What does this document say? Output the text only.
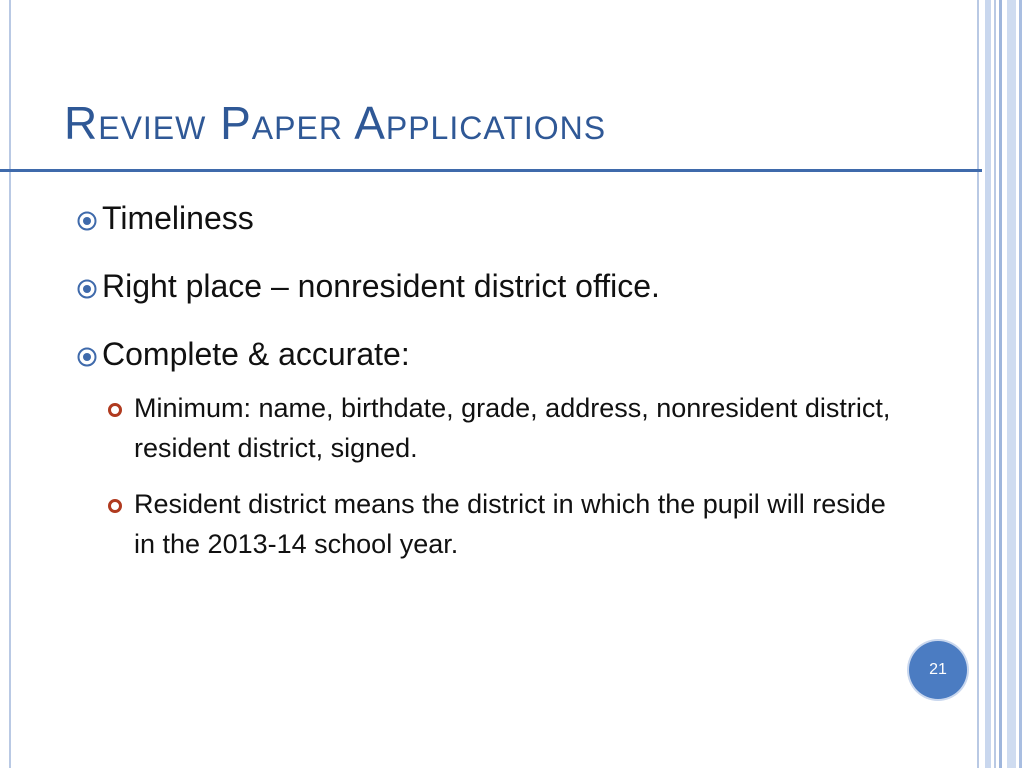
Review Paper Applications
Timeliness
Right place – nonresident district office.
Complete & accurate:
Minimum: name, birthdate, grade, address, nonresident district, resident district, signed.
Resident district means the district in which the pupil will reside in the 2013-14 school year.
21
